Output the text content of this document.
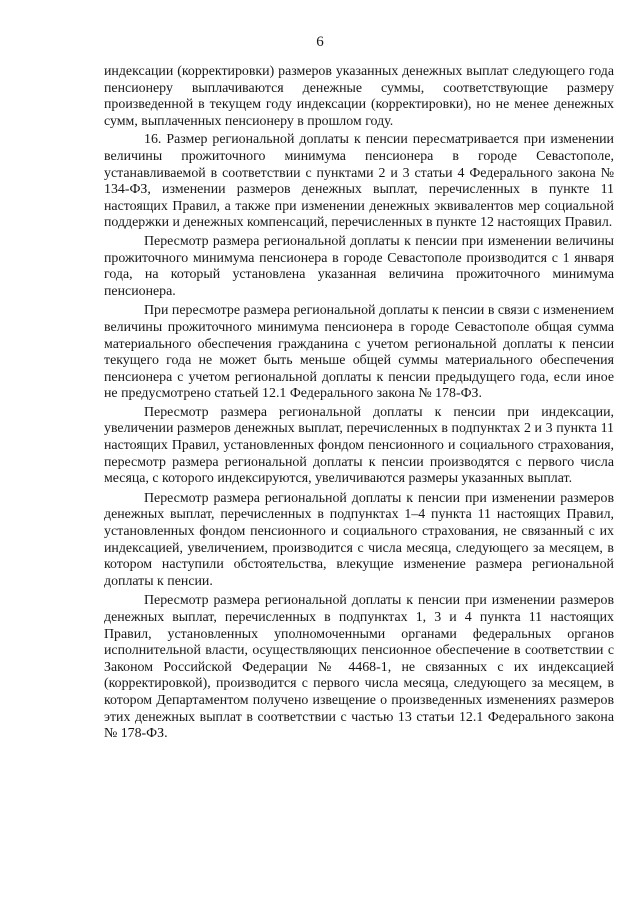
6

индексации (корректировки) размеров указанных денежных выплат следующего года пенсионеру выплачиваются денежные суммы, соответствующие размеру произведенной в текущем году индексации (корректировки), но не менее денежных сумм, выплаченных пенсионеру в прошлом году.

16. Размер региональной доплаты к пенсии пересматривается при изменении величины прожиточного минимума пенсионера в городе Севастополе, устанавливаемой в соответствии с пунктами 2 и 3 статьи 4 Федерального закона № 134-ФЗ, изменении размеров денежных выплат, перечисленных в пункте 11 настоящих Правил, а также при изменении денежных эквивалентов мер социальной поддержки и денежных компенсаций, перечисленных в пункте 12 настоящих Правил.

Пересмотр размера региональной доплаты к пенсии при изменении величины прожиточного минимума пенсионера в городе Севастополе производится с 1 января года, на который установлена указанная величина прожиточного минимума пенсионера.

При пересмотре размера региональной доплаты к пенсии в связи с изменением величины прожиточного минимума пенсионера в городе Севастополе общая сумма материального обеспечения гражданина с учетом региональной доплаты к пенсии текущего года не может быть меньше общей суммы материального обеспечения пенсионера с учетом региональной доплаты к пенсии предыдущего года, если иное не предусмотрено статьей 12.1 Федерального закона № 178-ФЗ.

Пересмотр размера региональной доплаты к пенсии при индексации, увеличении размеров денежных выплат, перечисленных в подпунктах 2 и 3 пункта 11 настоящих Правил, установленных фондом пенсионного и социального страхования, пересмотр размера региональной доплаты к пенсии производятся с первого числа месяца, с которого индексируются, увеличиваются размеры указанных выплат.

Пересмотр размера региональной доплаты к пенсии при изменении размеров денежных выплат, перечисленных в подпунктах 1–4 пункта 11 настоящих Правил, установленных фондом пенсионного и социального страхования, не связанный с их индексацией, увеличением, производится с числа месяца, следующего за месяцем, в котором наступили обстоятельства, влекущие изменение размера региональной доплаты к пенсии.

Пересмотр размера региональной доплаты к пенсии при изменении размеров денежных выплат, перечисленных в подпунктах 1, 3 и 4 пункта 11 настоящих Правил, установленных уполномоченными органами федеральных органов исполнительной власти, осуществляющих пенсионное обеспечение в соответствии с Законом Российской Федерации № 4468-1, не связанных с их индексацией (корректировкой), производится с первого числа месяца, следующего за месяцем, в котором Департаментом получено извещение о произведенных изменениях размеров этих денежных выплат в соответствии с частью 13 статьи 12.1 Федерального закона № 178-ФЗ.
